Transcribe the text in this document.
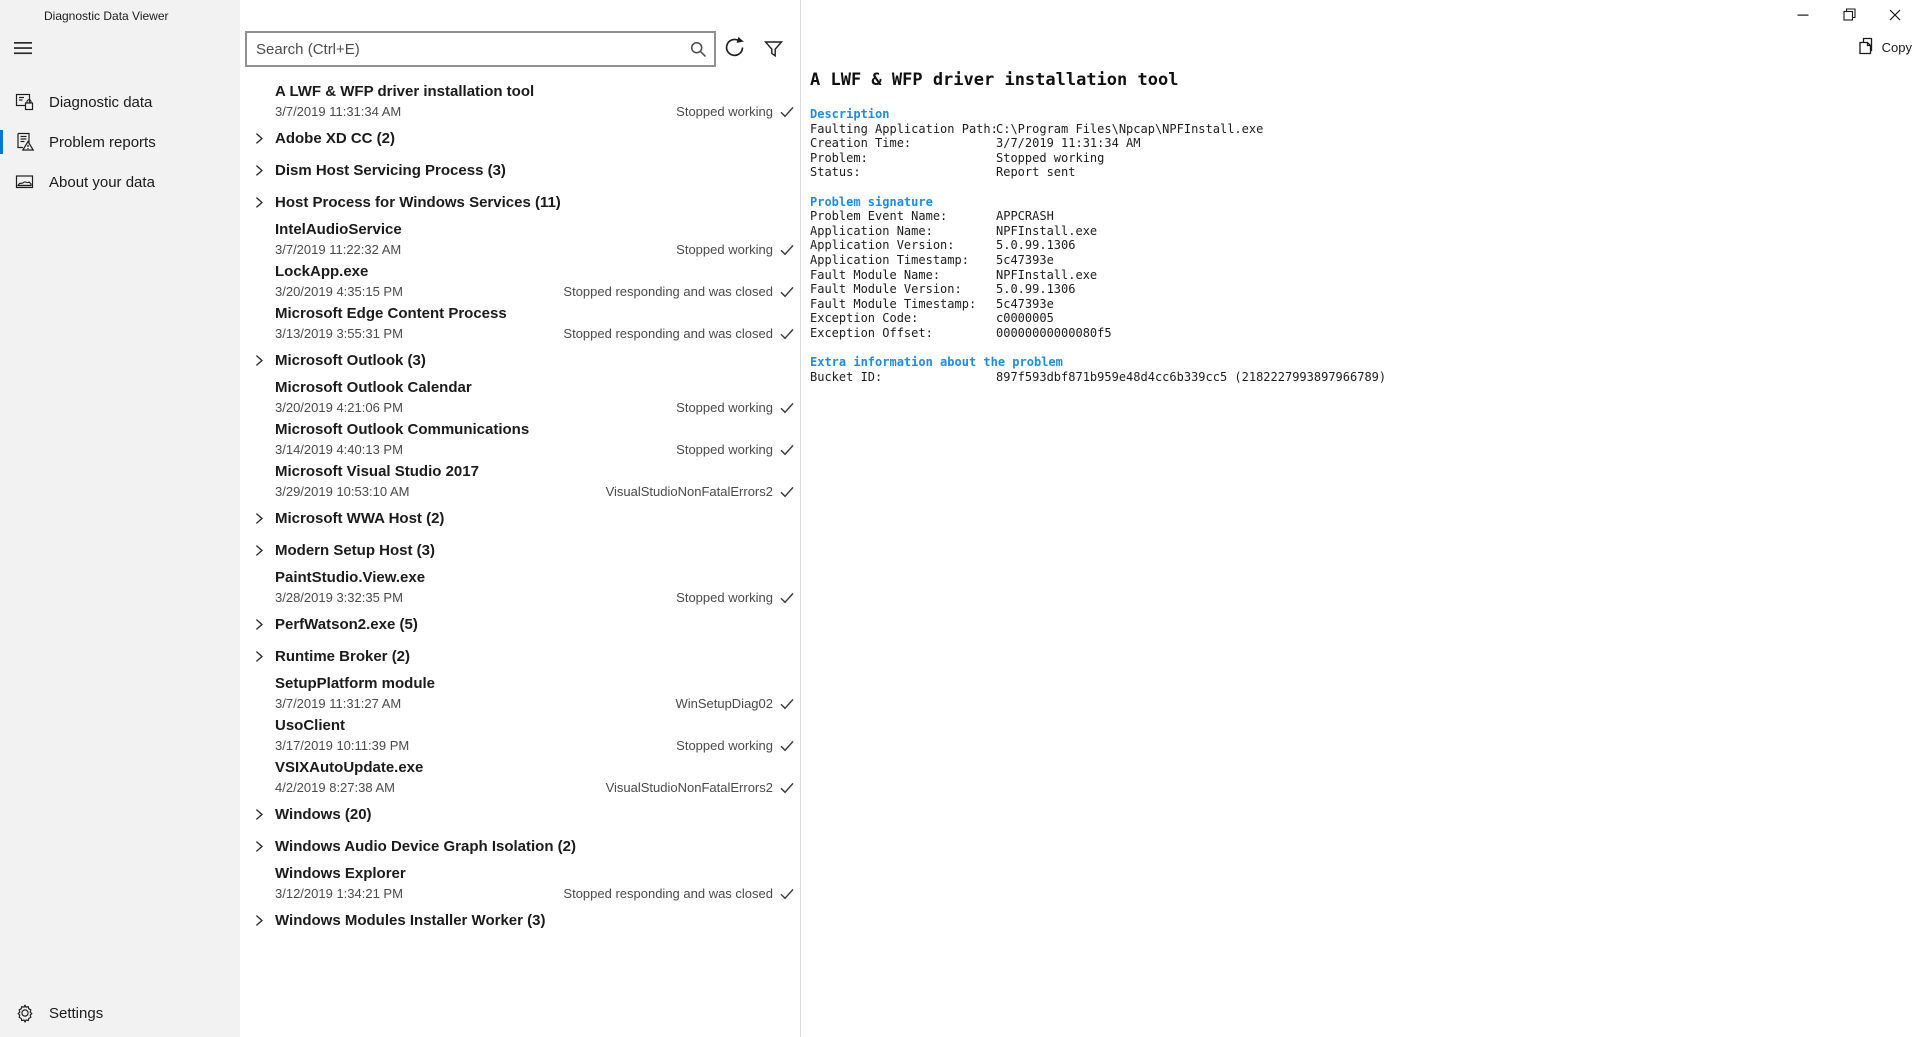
Diagnostic Data Viewer
Diagnostic data
Problem reports
About your data
Settings
Search (Ctrl+E)
A LWF & WFP driver installation tool
3/7/2019 11:31:34 AM	Stopped working
Adobe XD CC (2)
Dism Host Servicing Process (3)
Host Process for Windows Services (11)
IntelAudioService
3/7/2019 11:22:32 AM	Stopped working
LockApp.exe
3/20/2019 4:35:15 PM	Stopped responding and was closed
Microsoft Edge Content Process
3/13/2019 3:55:31 PM	Stopped responding and was closed
Microsoft Outlook (3)
Microsoft Outlook Calendar
3/20/2019 4:21:06 PM	Stopped working
Microsoft Outlook Communications
3/14/2019 4:40:13 PM	Stopped working
Microsoft Visual Studio 2017
3/29/2019 10:53:10 AM	VisualStudioNonFatalErrors2
Microsoft WWA Host (2)
Modern Setup Host (3)
PaintStudio.View.exe
3/28/2019 3:32:35 PM	Stopped working
PerfWatson2.exe (5)
Runtime Broker (2)
SetupPlatform module
3/7/2019 11:31:27 AM	WinSetupDiag02
UsoClient
3/17/2019 10:11:39 PM	Stopped working
VSIXAutoUpdate.exe
4/2/2019 8:27:38 AM	VisualStudioNonFatalErrors2
Windows (20)
Windows Audio Device Graph Isolation (2)
Windows Explorer
3/12/2019 1:34:21 PM	Stopped responding and was closed
Windows Modules Installer Worker (3)
Copy
A LWF & WFP driver installation tool
Description
Faulting Application Path:
C:\Program Files\Npcap\NPFInstall.exe
Creation Time:	3/7/2019 11:31:34 AM
Problem:	Stopped working
Status:	Report sent
Problem signature
Problem Event Name:	APPCRASH
Application Name:	NPFInstall.exe
Application Version:	5.0.99.1306
Application Timestamp:	5c47393e
Fault Module Name:	NPFInstall.exe
Fault Module Version:	5.0.99.1306
Fault Module Timestamp:	5c47393e
Exception Code:	c0000005
Exception Offset:	00000000000080f5
Extra information about the problem
Bucket ID:	897f593dbf871b959e48d4cc6b339cc5 (2182227993897966789)
